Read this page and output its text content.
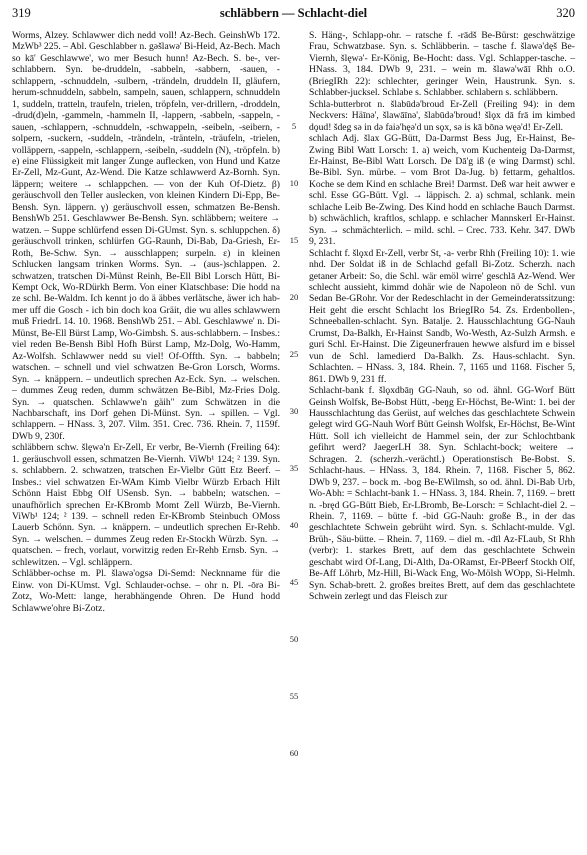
319	schläbbern — Schlacht-diel	320

Worms, Alzey. Schlawwer dich nedd voll! Az-Bech. GeinshWb 172. MzWb³ 225. – Abl. Geschlabber n. gəšlawə' Bi-Heid, Az-Bech. Mach so kā' Geschlawwe', wo mer Besuch hunn! Az-Bech. S. be-, ver-schlabbern. Syn. be-druddeln, -sabbeln, -sabbern, -sauen, -schlappern, -schnuddeln, -sulbern, -trändeln, druddeln II, gläufern, herum-schnuddeln, sabbeln, sampeln, sauen, schlappern, schnuddeln 1, suddeln, tratteln, traufeln, trielen, tröpfeln, ver-drillern, -droddeln, -drud(d)eln, -gammeln, -hammeln II, -lappern, -sabbeln, -sappeln, -sauen, -schlappern, -schnuddeln, -schwappeln, -seibeln, -seibern, -solpern, -suckern, -suddeln, -trändeln, -tränteln, -träufeln, -trielen, volläppern, -sappeln, -schlappern, -seibeln, -suddeln (N), -tröpfeln. b) e) eine Flüssigkeit mit langer Zunge auflecken, von Hund und Katze Er-Zell, Mz-Gunt, Az-Wend. Die Katze schlawwerd Az-Bornh. Syn. läppern; weitere → schlappchen. — von der Kuh Of-Dietz. β) geräuschvoll den Teller auslecken, von kleinen Kindern Di-Epp, Be-Bensh. Syn. läppern. γ) geräuschvoll essen, schmatzen Be-Bensh. BenshWb 251. Geschlawwer Be-Bensh. Syn. schläbbern; weitere → watzen. – Suppe schlürfend essen Di-GUmst. Syn. s. schluppchen. δ) geräuschvoll trinken, schlürfen GG-Raunh, Di-Bab, Da-Griesh, Er-Roth, Be-Schw. Syn. → ausschlappen; surpeln. ε) in kleinen Schlucken langsam trinken Worms. Syn. → (aus-)schlappen. 2. schwatzen, tratschen Di-Münst Reinh, Be-Ell Bibl Lorsch Hütt, Bi-Kempt Ock, Wo-RDürkh Berm. Von einer Klatschbase: Die hodd na ze schl. Be-Waldm. Ich kennt jo do ä äbbes verlätsche, äwer ich hab-mer uff die Gosch - ich bin doch koa Gräit, die wu alles schlawwern muß FriedrL 14. 10. 1968. BenshWb 251. – Abl. Geschlawwe' n. Di-Münst, Be-Ell Bürst Lamp, Wo-Gimbsh. S. aus-schlabbern. – Insbes.: viel reden Be-Bensh Bibl Hofh Bürst Lamp, Mz-Dolg, Wo-Hamm, Az-Wolfsh. Schlawwer nedd su viel! Of-Offth. Syn. → babbeln; watschen. – schnell und viel schwatzen Be-Gron Lorsch, Worms. Syn. → knäppern. – undeutlich sprechen Az-Eck. Syn. → welschen. – dummes Zeug reden, dumm schwätzen Be-Bibl, Mz-Fries Dolg. Syn. → quatschen. Schlawwe'n gäih'' zum Schwätzen in die Nachbarschaft, ins Dorf gehen Di-Münst. Syn. → spillen. – Vgl. schlappern. – HNass. 3, 207. Vilm. 351. Crec. 736. Rhein. 7, 1159f. DWb 9, 230f.

schläbbern schw. šlęwə'n Er-Zell, Er verbr, Be-Viernh (Freiling 64): 1. geräuschvoll essen, schmatzen Be-Viernh. ViWb¹ 124; ² 139. Syn. s. schlabbern. 2. schwatzen, tratschen Er-Vielbr Gütt Etz Beerf. – Insbes.: viel schwatzen Er-WAm Kimb Vielbr Würzb Erbach Hilt Schönn Haist Ebbg Olf USensb. Syn. → babbeln; watschen. – unaufhörlich sprechen Er-KBromb Momt Zell Würzb, Be-Viernh. ViWb¹ 124; ² 139. – schnell reden Er-KBromb Steinbuch OMoss Lauerb Schönn. Syn. → knäppern. – undeutlich sprechen Er-Rehb. Syn. → welschen. – dummes Zeug reden Er-Stockh Würzb. Syn. → quatschen. – frech, vorlaut, vorwitzig reden Er-Rehb Ernsb. Syn. → schlewitzen. – Vgl. schläppern.

Schläbber-ochse m. Pl. šlawə'ogsə Di-Semd: Necknname für die Einw. von Di-KUmst. Vgl. Schlauder-ochse. – ohr n. Pl. -ōrə Bi-Zotz, Wo-Mett: lange, herabhängende Ohren. De Hund hodd Schlawwe'ohre Bi-Zotz.

5
10
15
20
25
30
35
40
45
50
55
60

S. Häng-, Schlapp-ohr. – ratsche f. -rādš Be-Bürst: geschwätzige Frau, Schwatzbase. Syn. s. Schläbberin. – tasche f. šlawə'dęš Be-Viernh, šlęwə'- Er-König, Be-Hocht: dass. Vgl. Schlapper-tasche. – HNass. 3, 184. DWb 9, 231. – wein m. šlawə'wāī Rhh o.O. (BriegIRh 22): schlechter, geringer Wein, Haustrunk. Syn. s. Schlabber-jucksel. Schlabe s. Schlabber. schlabern s. schläbbern.

Schla-butterbrot n. šlabūdə'broud Er-Zell (Freiling 94): in dem Neckvers: Häīnə', šlawāīnə', šlabūdə'broud! šlǫx dā frā im kimbed dǫud! šdeg sə in də faiə'hęə'd un sǫx, sə is kā bōnə węə'd! Er-Zell.

schlach Adj. šlax GG-Bütt, Da-Darmst Bess Jug, Er-Hainst, Be-Zwing Bibl Watt Lorsch: 1. a) weich, vom Kuchenteig Da-Darmst, Er-Hainst, Be-Bibl Watt Lorsch. De Dā'g iß (e wing Darmst) schl. Be-Bibl. Syn. mürbe. – vom Brot Da-Jug. b) fettarm, gehaltlos. Koche se dem Kind en schlache Brei! Darmst. Deß war heit awwer e schl. Esse GG-Bütt. Vgl. → läppisch. 2. a) schmal, schlank. mein schlache Leib Be-Zwing. Des Kind hodd en schlache Bauch Darmst. b) schwächlich, kraftlos, schlapp. e schlacher Mannskerl Er-Hainst. Syn. → schmächterlich. – mild. schl. – Crec. 733. Kehr. 347. DWb 9, 231.

Schlacht f. šlǫxd Er-Zell, verbr St, -a- verbr Rhh (Freiling 10): 1. wie nhd. Der Soldat iß in de Schlachd gefall Bi-Zotz. Scherzh. nach getaner Arbeit: So, die Schl. wär emöl wirre' geschlā Az-Wend. Wer schlecht aussieht, kimmd dohär wie de Napoleon nö de Schl. vun Sedan Be-GRohr. Vor der Redeschlacht in der Gemeinderatssitzung: Heit geht die erscht Schlacht los BriegIRo 54. Zs. Erdenbollen-, Schneeballen-schlacht. Syn. Batalje. 2. Hausschlachtung GG-Nauh Crumst, Da-Balkh, Er-Hainst Sandb, Wo-Westh, Az-Sulzh Armsh. e guri Schl. Er-Hainst. Die Zigeunerfrauen hewwe alsfurd im e bissel vun de Schl. lamedierd Da-Balkh. Zs. Haus-schlacht. Syn. Schlachten. – HNass. 3, 184. Rhein. 7, 1165 und 1168. Fischer 5, 861. DWb 9, 231 ff.

Schlacht-bank f. šlǫxdbāŋ GG-Nauh, so od. ähnl. GG-Worf Bütt Geinsh Wolfsk, Be-Bobst Hütt, -beŋg Er-Höchst, Be-Wint: 1. bei der Hausschlachtung das Gerüst, auf welches das geschlachtete Schwein gelegt wird GG-Nauh Worf Bütt Geinsh Wolfsk, Er-Höchst, Be-Wint Hütt. Soll ich vielleicht de Hammel sein, der zur Schlochtbank gefihrt werd? JaegerLH 38. Syn. Schlacht-bock; weitere → Schragen. 2. (scherzh.-verächtl.) Operationstisch Be-Bobst. S. Schlacht-haus. – HNass. 3, 184. Rhein. 7, 1168. Fischer 5, 862. DWb 9, 237. – bock m. -bog Be-EWilmsh, so od. ähnl. Di-Bab Urb, Wo-Abh: = Schlacht-bank 1. – HNass. 3, 184. Rhein. 7, 1169. – brett n. -bręd GG-Bütt Bieb, Er-LBromb, Be-Lorsch: = Schlacht-diel 2. – Rhein. 7, 1169. – bütte f. -bid GG-Nauh: große B., in der das geschlachtete Schwein gebrüht wird. Syn. s. Schlacht-mulde. Vgl. Brüh-, Säu-bütte. – Rhein. 7, 1169. – diel m. -dīl Az-FLaub, St Rhh (verbr): 1. starkes Brett, auf dem das geschlachtete Schwein geschabt wird Of-Lang, Di-Alth, Da-ORamst, Er-PBeerf Stockh Olf, Be-Aff Löhrb, Mz-Hill, Bi-Wack Eng, Wo-Mölsh WOpp, Si-Helmh. Syn. Schab-brett. 2. großes breites Brett, auf dem das geschlachtete Schwein zerlegt und das Fleisch zur
